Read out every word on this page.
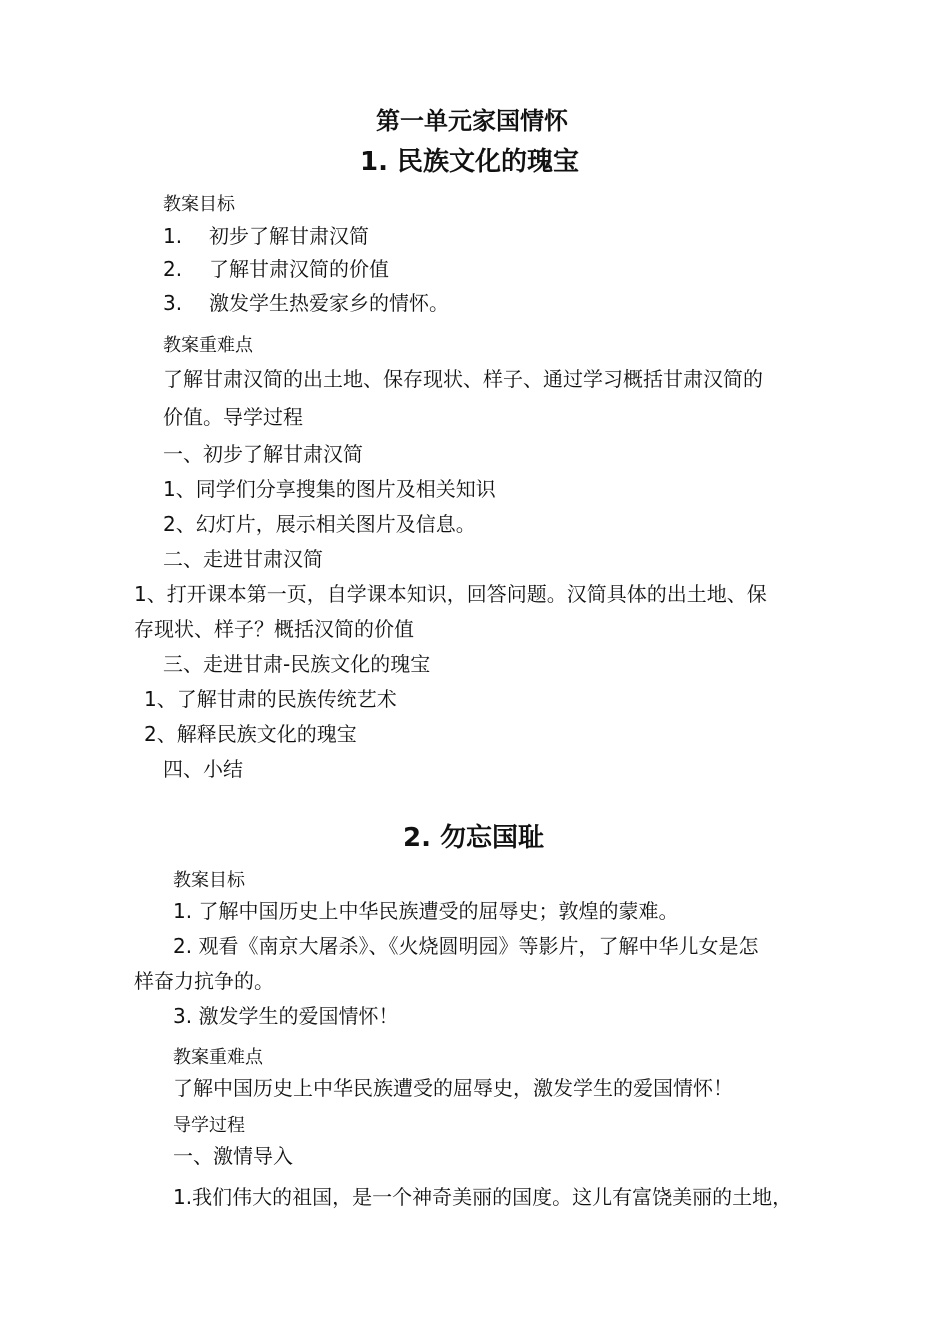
第一单元家国情怀
1. 民族文化的瑰宝
教案目标
1. 初步了解甘肃汉简
2. 了解甘肃汉简的价值
3. 激发学生热爱家乡的情怀。
教案重难点
了解甘肃汉简的出土地、保存现状、样子、通过学习概括甘肃汉简的
价值。导学过程
一、初步了解甘肃汉简
1、同学们分享搜集的图片及相关知识
2、幻灯片，展示相关图片及信息。
二、走进甘肃汉简
1、打开课本第一页，自学课本知识，回答问题。汉简具体的出土地、保
存现状、样子？概括汉简的价值
三、走进甘肃-民族文化的瑰宝
1、了解甘肃的民族传统艺术
2、解释民族文化的瑰宝
四、小结
2. 勿忘国耻
教案目标
1. 了解中国历史上中华民族遭受的屈辱史；敦煌的蒙难。
2. 观看《南京大屠杀》、《火烧圆明园》等影片，了解中华儿女是怎
样奋力抗争的。
3. 激发学生的爱国情怀！
教案重难点
了解中国历史上中华民族遭受的屈辱史，激发学生的爱国情怀！
导学过程
一、激情导入
1.我们伟大的祖国，是一个神奇美丽的国度。这儿有富饶美丽的土地，
